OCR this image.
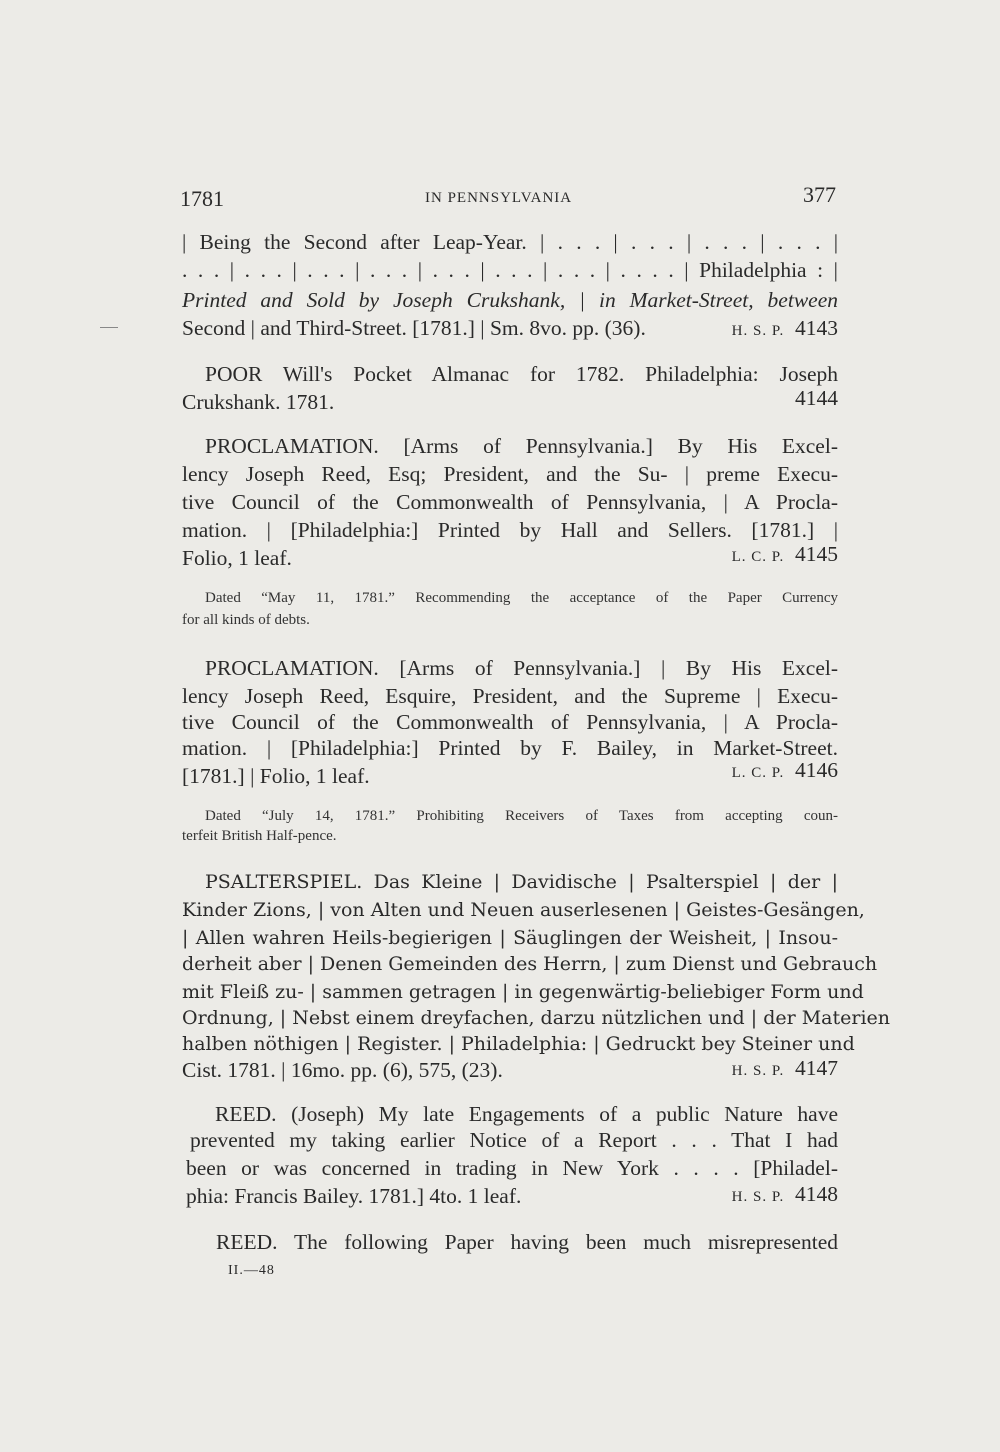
1781	IN PENNSYLVANIA	377
| Being the Second after Leap-Year. | . . . | . . . | . . . | . . . |
. . . | . . . | . . . | . . . | . . . | . . . | . . . | . . . . | Philadelphia : |
Printed and Sold by Joseph Crukshank, | in Market-Street, between
Second | and Third-Street. [1781.] | Sm. 8vo. pp. (36).	H. S. P. 4143
POOR Will's Pocket Almanac for 1782. Philadelphia: Joseph
Crukshank. 1781.	4144
PROCLAMATION. [Arms of Pennsylvania.] By His Excel-
lency Joseph Reed, Esq; President, and the Su- | preme Execu-
tive Council of the Commonwealth of Pennsylvania, | A Procla-
mation. | [Philadelphia:] Printed by Hall and Sellers. [1781.] |
Folio, 1 leaf.	L. C. P. 4145
Dated “May 11, 1781.” Recommending the acceptance of the Paper Currency
for all kinds of debts.
PROCLAMATION. [Arms of Pennsylvania.] | By His Excel-
lency Joseph Reed, Esquire, President, and the Supreme | Execu-
tive Council of the Commonwealth of Pennsylvania, | A Procla-
mation. | [Philadelphia:] Printed by F. Bailey, in Market-Street.
[1781.] | Folio, 1 leaf.	L. C. P. 4146
Dated “July 14, 1781.” Prohibiting Receivers of Taxes from accepting coun-
terfeit British Half-pence.
PSALTERSPIEL. Das Kleine | Davidische | Psalterspiel | der |
Kinder Zions, | von Alten und Neuen auserlesenen | Geistes-Gesängen,
| Allen wahren Heils-begierigen | Säuglingen der Weisheit, | Insou-
derheit aber | Denen Gemeinden des Herrn, | zum Dienst und Gebrauch
mit Fleiß zu- | sammen getragen | in gegenwärtig-beliebiger Form und
Ordnung, | Nebst einem dreyfachen, darzu nützlichen und | der Materien
halben nöthigen | Register. | Philadelphia: | Gedruckt bey Steiner und
Cist. 1781. | 16mo. pp. (6), 575, (23).	H. S. P. 4147
REED. (Joseph) My late Engagements of a public Nature have
prevented my taking earlier Notice of a Report . . . That I had
been or was concerned in trading in New York . . . . [Philadel-
phia: Francis Bailey. 1781.] 4to. 1 leaf.	H. S. P. 4148
REED. The following Paper having been much misrepresented
II.—48
